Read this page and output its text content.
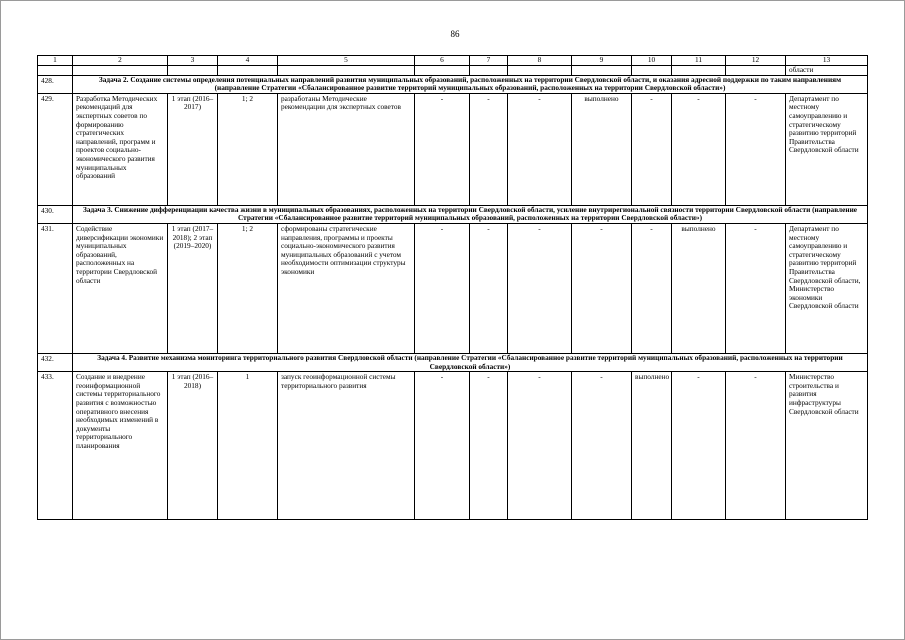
86
1	2	3	4	5	6	7	8	9	10	11	12	13
												области
428.	Задача 2. Создание системы определения потенциальных направлений развития муниципальных образований, расположенных на территории Свердловской области, и оказания адресной поддержки по таким направлениям (направление Стратегии «Сбалансированное развитие территорий муниципальных образований, расположенных на территории Свердловской области»)											
429.	Разработка Методических рекомендаций для экспертных советов по формированию стратегических направлений, программ и проектов социально-экономического развития муниципальных образований	1 этап (2016–2017)	1; 2	разработаны Методические рекомендации для экспертных советов	-	-	-	выполнено	-	-	-	Департамент по местному самоуправлению и стратегическому развитию территорий Правительства Свердловской области
430.	Задача 3. Снижение дифференциации качества жизни в муниципальных образованиях, расположенных на территории Свердловской области, усиление внутрирегиональной связности территории Свердловской области (направление Стратегии «Сбалансированное развитие территорий муниципальных образований, расположенных на территории Свердловской области»)											
431.	Содействие диверсификации экономики муниципальных образований, расположенных на территории Свердловской области	1 этап (2017–2018); 2 этап (2019–2020)	1; 2	сформированы стратегические направления, программы и проекты социально-экономического развития муниципальных образований с учетом необходимости оптимизации структуры экономики	-	-	-	-	-	выполнено	-	Департамент по местному самоуправлению и стратегическому развитию территорий Правительства Свердловской области, Министерство экономики Свердловской области
432.	Задача 4. Развитие механизма мониторинга территориального развития Свердловской области (направление Стратегии «Сбалансированное развитие территорий муниципальных образований, расположенных на территории Свердловской области»)											
433.	Создание и внедрение геоинформационной системы территориального развития с возможностью оперативного внесения необходимых изменений в документы территориального планирования	1 этап (2016–2018)	1	запуск геоинформационной системы территориального развития	-	-	-	-	выполнено	-	-	Министерство строительства и развития инфраструктуры Свердловской области
